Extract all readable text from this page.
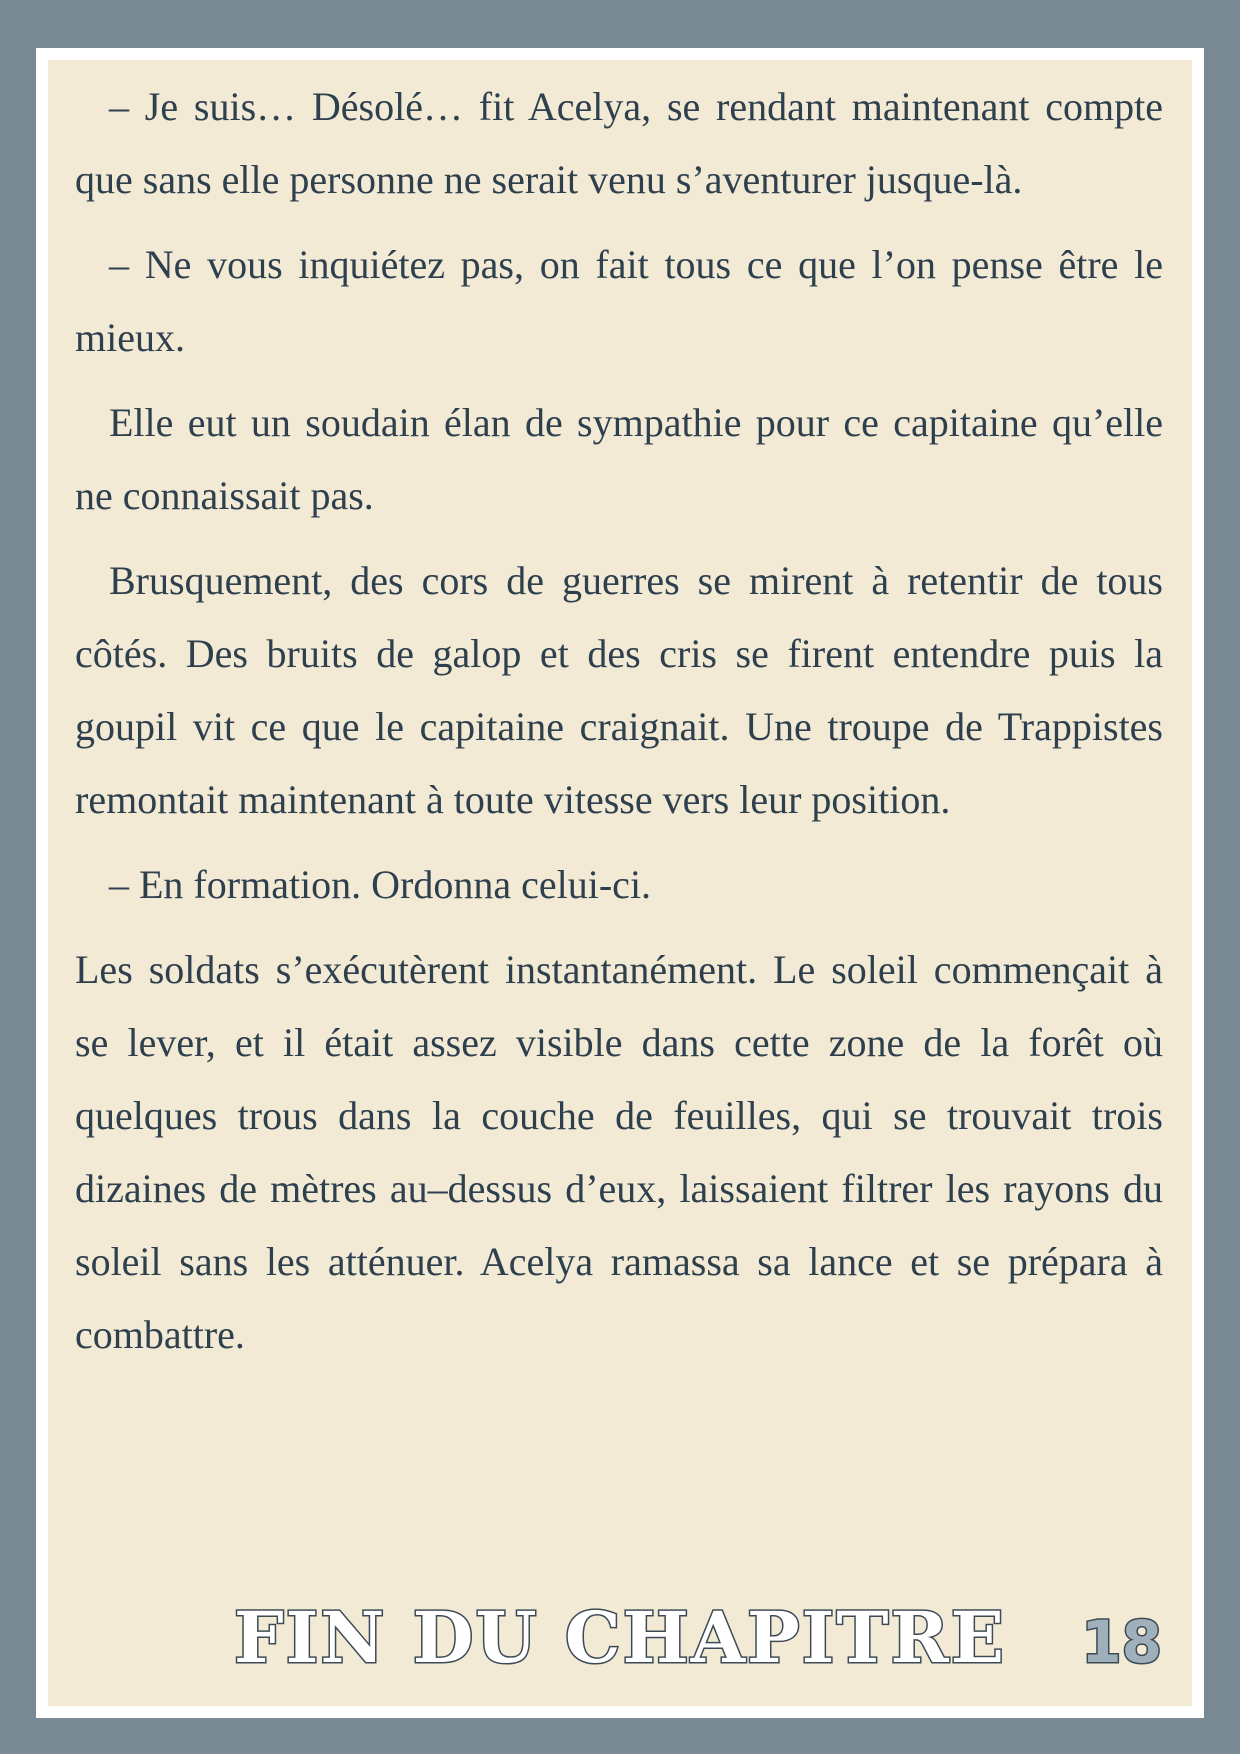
– Je suis… Désolé… fit Acelya, se rendant maintenant compte que sans elle personne ne serait venu s’aventurer jusque-là.

– Ne vous inquiétez pas, on fait tous ce que l’on pense être le mieux.

Elle eut un soudain élan de sympathie pour ce capitaine qu’elle ne connaissait pas.

Brusquement, des cors de guerres se mirent à retentir de tous côtés. Des bruits de galop et des cris se firent entendre puis la goupil vit ce que le capitaine craignait. Une troupe de Trappistes remontait maintenant à toute vitesse vers leur position.

– En formation. Ordonna celui-ci.

Les soldats s’exécutèrent instantanément. Le soleil commençait à se lever, et il était assez visible dans cette zone de la forêt où quelques trous dans la couche de feuilles, qui se trouvait trois dizaines de mètres au–dessus d’eux, laissaient filtrer les rayons du soleil sans les atténuer. Acelya ramassa sa lance et se prépara à combattre.

FIN DU CHAPITRE	18
